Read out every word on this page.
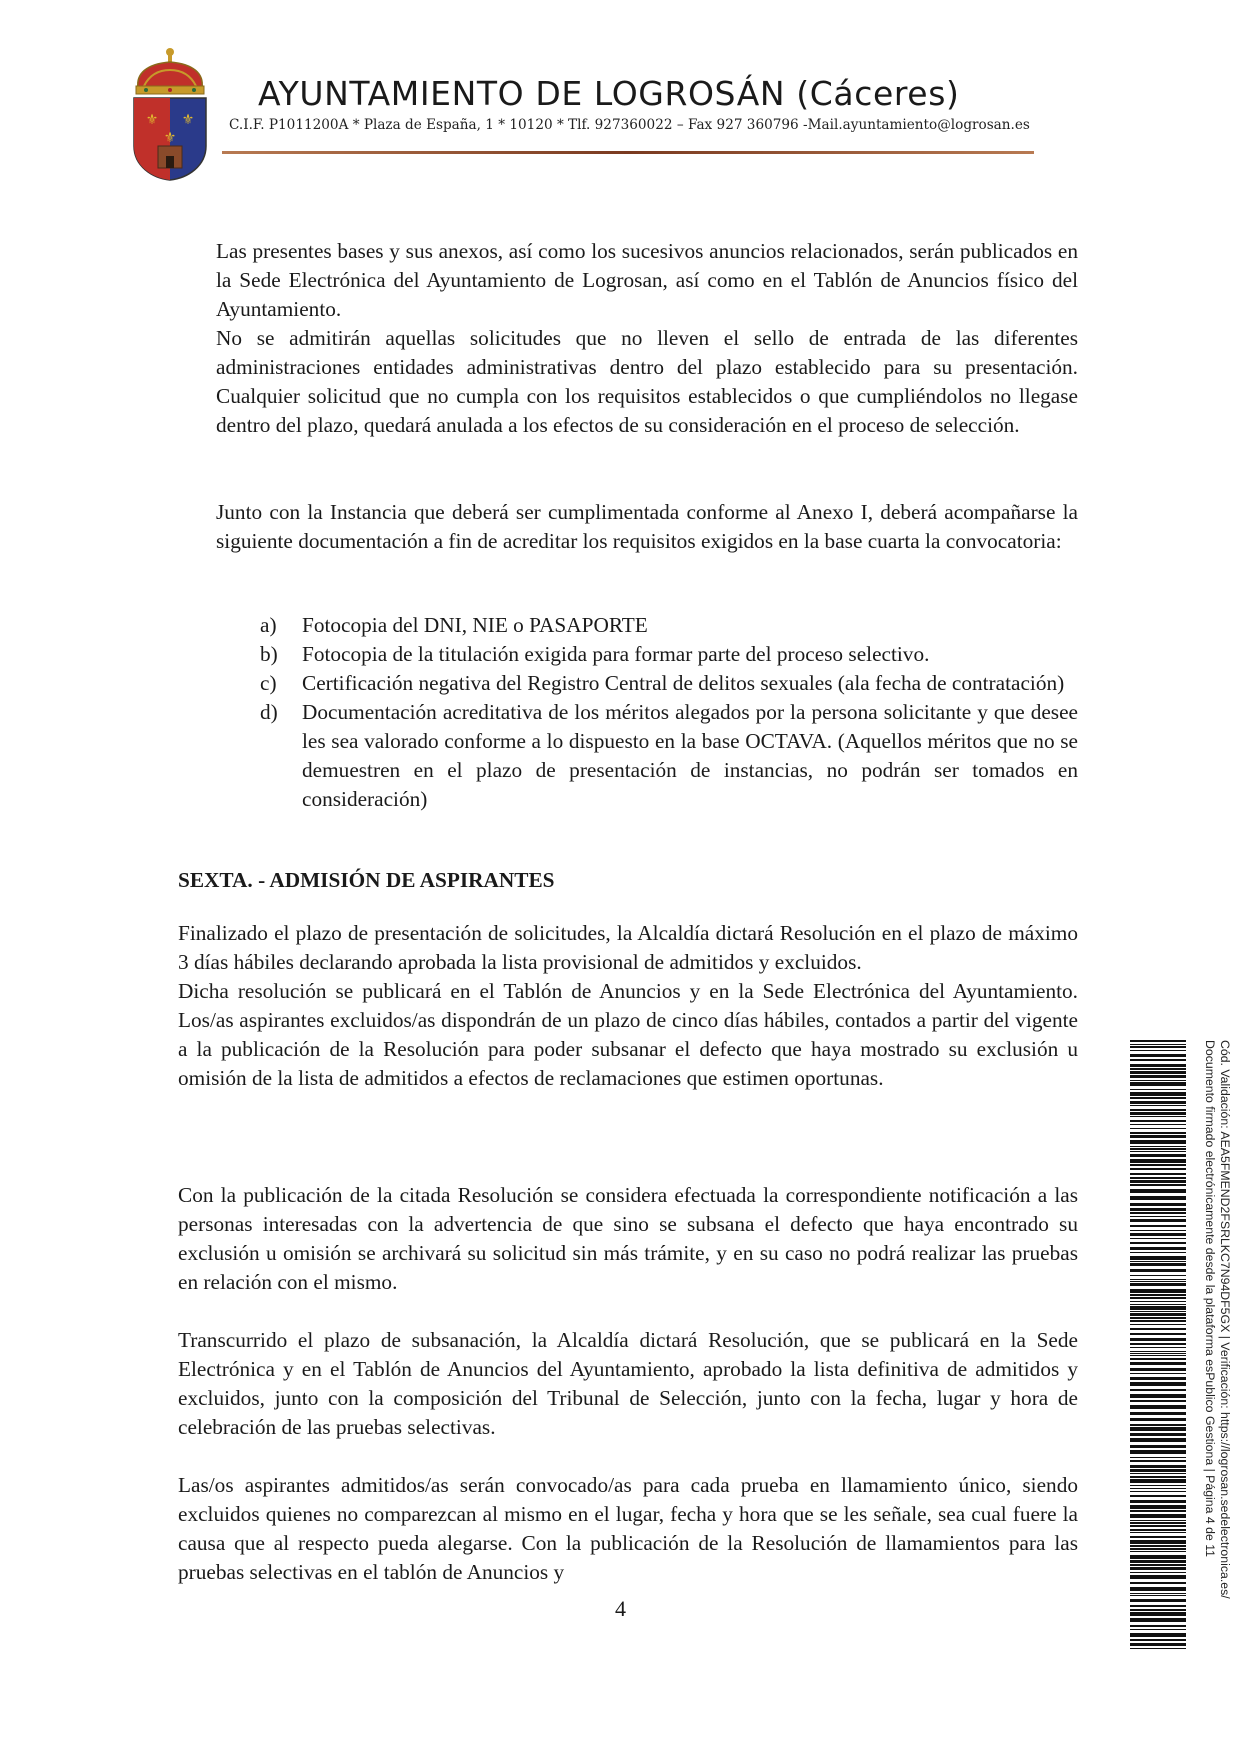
⚜ ⚜
⚜
AYUNTAMIENTO DE LOGROSÁN (Cáceres)
C.I.F. P1011200A * Plaza de España, 1 * 10120 * Tlf. 927360022 – Fax 927 360796 -Mail.ayuntamiento@logrosan.es

Las presentes bases y sus anexos, así como los sucesivos anuncios relacionados, serán publicados en la Sede Electrónica del Ayuntamiento de Logrosan, así como en el Tablón de Anuncios físico del Ayuntamiento.

No se admitirán aquellas solicitudes que no lleven el sello de entrada de las diferentes administraciones entidades administrativas dentro del plazo establecido para su presentación. Cualquier solicitud que no cumpla con los requisitos establecidos o que cumpliéndolos no llegase dentro del plazo, quedará anulada a los efectos de su consideración en el proceso de selección.

Junto con la Instancia que deberá ser cumplimentada conforme al Anexo I, deberá acompañarse la siguiente documentación a fin de acreditar los requisitos exigidos en la base cuarta la convocatoria:

a)	Fotocopia del DNI, NIE o PASAPORTE
b)	Fotocopia de la titulación exigida para formar parte del proceso selectivo.
c)	Certificación negativa del Registro Central de delitos sexuales (ala fecha de contratación)
d)	Documentación acreditativa de los méritos alegados por la persona solicitante y que desee les sea valorado conforme a lo dispuesto en la base OCTAVA. (Aquellos méritos que no se demuestren en el plazo de presentación de instancias, no podrán ser tomados en consideración)
SEXTA. - ADMISIÓN DE ASPIRANTES

Finalizado el plazo de presentación de solicitudes, la Alcaldía dictará Resolución en el plazo de máximo 3 días hábiles declarando aprobada la lista provisional de admitidos y excluidos.

Dicha resolución se publicará en el Tablón de Anuncios y en la Sede Electrónica del Ayuntamiento. Los/as aspirantes excluidos/as dispondrán de un plazo de cinco días hábiles, contados a partir del vigente a la publicación de la Resolución para poder subsanar el defecto que haya mostrado su exclusión u omisión de la lista de admitidos a efectos de reclamaciones que estimen oportunas.

Con la publicación de la citada Resolución se considera efectuada la correspondiente notificación a las personas interesadas con la advertencia de que sino se subsana el defecto que haya encontrado su exclusión u omisión se archivará su solicitud sin más trámite, y en su caso no podrá realizar las pruebas en relación con el mismo.

Transcurrido el plazo de subsanación, la Alcaldía dictará Resolución, que se publicará en la Sede Electrónica y en el Tablón de Anuncios del Ayuntamiento, aprobado la lista definitiva de admitidos y excluidos, junto con la composición del Tribunal de Selección, junto con la fecha, lugar y hora de celebración de las pruebas selectivas.

Las/os aspirantes admitidos/as serán convocado/as para cada prueba en llamamiento único, siendo excluidos quienes no comparezcan al mismo en el lugar, fecha y hora que se les señale, sea cual fuere la causa que al respecto pueda alegarse. Con la publicación de la Resolución de llamamientos para las pruebas selectivas en el tablón de Anuncios y

4
Cód. Validación: AEA5FMEND2FSRLKC7N94DF5GX | Verificación: https://logrosan.sedelectronica.es/
Documento firmado electrónicamente desde la plataforma esPublico Gestiona | Página 4 de 11
